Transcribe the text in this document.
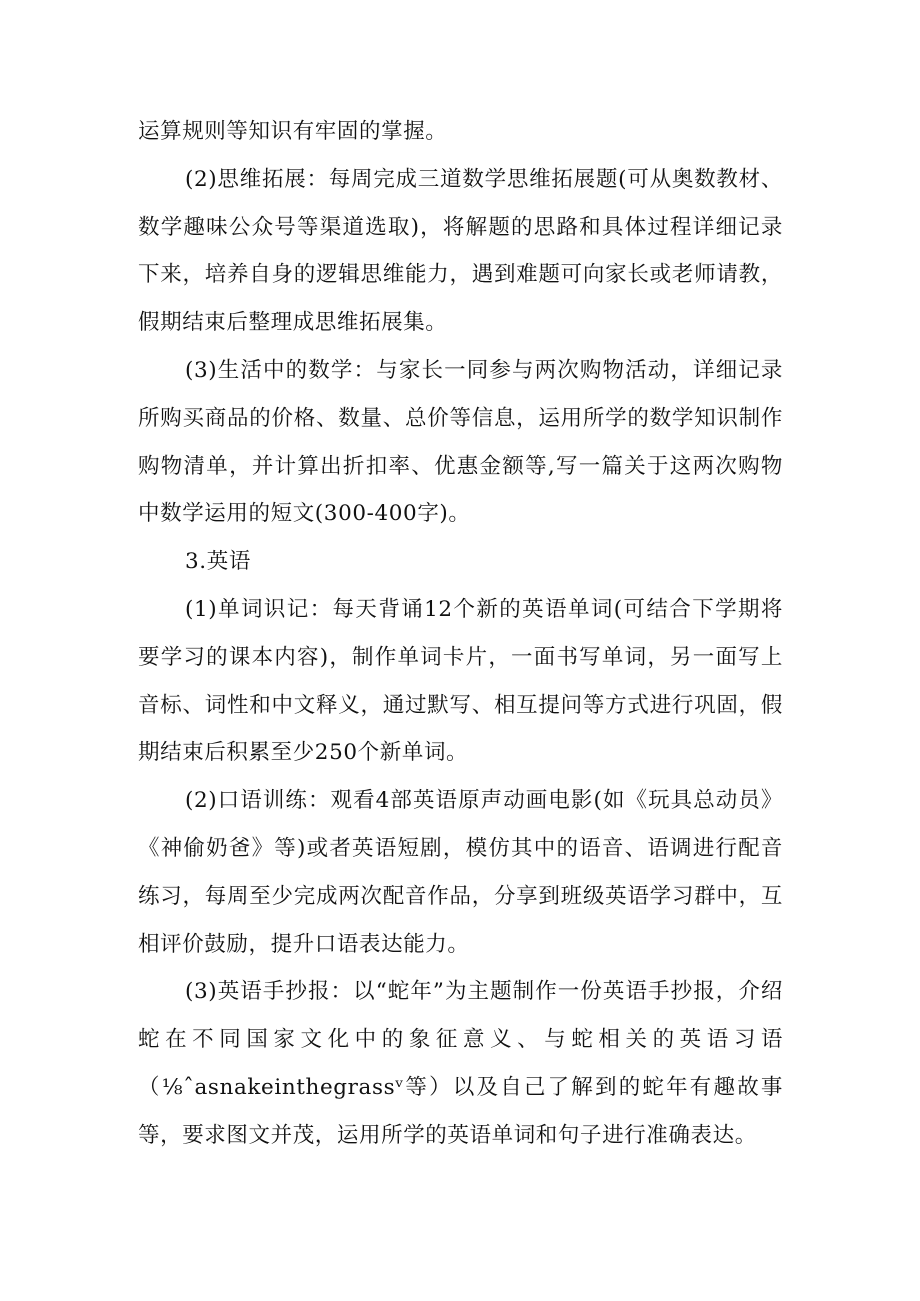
运算规则等知识有牢固的掌握。

(2)思维拓展：每周完成三道数学思维拓展题(可从奥数教材、数学趣味公众号等渠道选取)，将解题的思路和具体过程详细记录下来，培养自身的逻辑思维能力，遇到难题可向家长或老师请教，假期结束后整理成思维拓展集。

(3)生活中的数学：与家长一同参与两次购物活动，详细记录所购买商品的价格、数量、总价等信息，运用所学的数学知识制作购物清单，并计算出折扣率、优惠金额等,写一篇关于这两次购物中数学运用的短文(300-400字)。

3.英语

(1)单词识记：每天背诵12个新的英语单词(可结合下学期将要学习的课本内容)，制作单词卡片，一面书写单词，另一面写上音标、词性和中文释义，通过默写、相互提问等方式进行巩固，假期结束后积累至少250个新单词。

(2)口语训练：观看4部英语原声动画电影(如《玩具总动员》《神偷奶爸》等)或者英语短剧，模仿其中的语音、语调进行配音练习，每周至少完成两次配音作品，分享到班级英语学习群中，互相评价鼓励，提升口语表达能力。

(3)英语手抄报：以“蛇年”为主题制作一份英语手抄报，介绍蛇在不同国家文化中的象征意义、与蛇相关的英语习语（⅛ˆasnakeinthegrassᵛ等）以及自己了解到的蛇年有趣故事等，要求图文并茂，运用所学的英语单词和句子进行准确表达。
